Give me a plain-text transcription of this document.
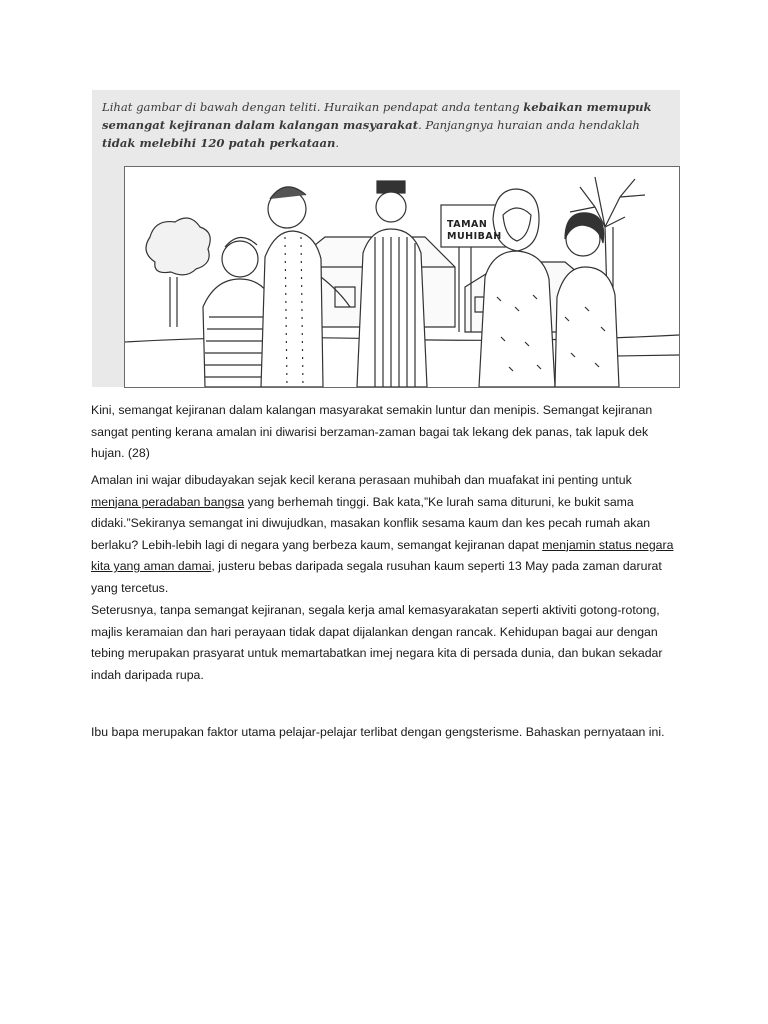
Lihat gambar di bawah dengan teliti. Huraikan pendapat anda tentang kebaikan memupuk semangat kejiranan dalam kalangan masyarakat. Panjangnya huraian anda hendaklah tidak melebihi 120 patah perkataan.
TAMAN
MUHIBAH

Kini, semangat kejiranan dalam kalangan masyarakat semakin luntur dan menipis. Semangat kejiranan sangat penting kerana amalan ini diwarisi berzaman-zaman bagai tak lekang dek panas, tak lapuk dek hujan. (28)

Amalan ini wajar dibudayakan sejak kecil kerana perasaan muhibah dan muafakat ini penting untuk menjana peradaban bangsa yang berhemah tinggi. Bak kata,”Ke lurah sama dituruni, ke bukit sama didaki.”Sekiranya semangat ini diwujudkan, masakan konflik sesama kaum dan kes pecah rumah akan berlaku? Lebih-lebih lagi di negara yang berbeza kaum, semangat kejiranan dapat menjamin status negara kita yang aman damai, justeru bebas daripada segala rusuhan kaum seperti 13 May pada zaman darurat yang tercetus.

Seterusnya, tanpa semangat kejiranan, segala kerja amal kemasyarakatan seperti aktiviti gotong-rotong, majlis keramaian dan hari perayaan tidak dapat dijalankan dengan rancak. Kehidupan bagai aur dengan tebing merupakan prasyarat untuk memartabatkan imej negara kita di persada dunia, dan bukan sekadar indah daripada rupa.

Ibu bapa merupakan faktor utama pelajar-pelajar terlibat dengan gengsterisme. Bahaskan pernyataan ini.
